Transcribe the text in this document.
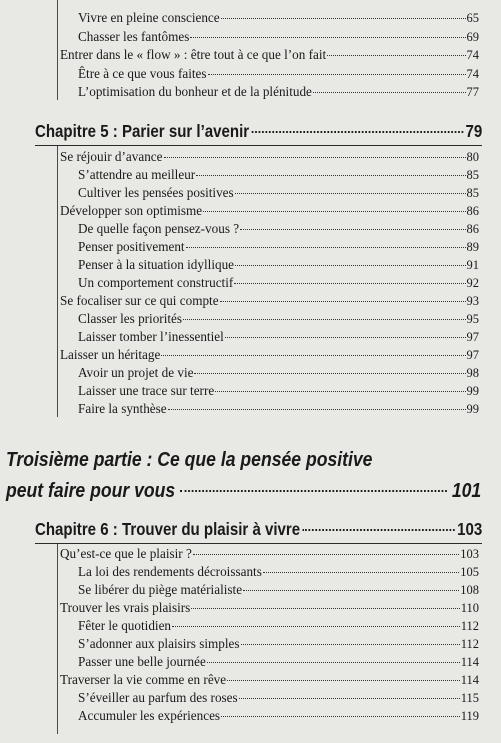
Vivre en pleine conscience	65
Chasser les fantômes	69
Entrer dans le « flow » : être tout à ce que l’on fait	74
Être à ce que vous faites	74
L’optimisation du bonheur et de la plénitude	77
Chapitre 5 : Parier sur l’avenir	79
Se réjouir d’avance	80
S’attendre au meilleur	85
Cultiver les pensées positives	85
Développer son optimisme	86
De quelle façon pensez-vous ?	86
Penser positivement	89
Penser à la situation idyllique	91
Un comportement constructif	92
Se focaliser sur ce qui compte	93
Classer les priorités	95
Laisser tomber l’inessentiel	97
Laisser un héritage	97
Avoir un projet de vie	98
Laisser une trace sur terre	99
Faire la synthèse	99
Troisième partie : Ce que la pensée positive
peut faire pour vous	101
Chapitre 6 : Trouver du plaisir à vivre	103
Qu’est-ce que le plaisir ?	103
La loi des rendements décroissants	105
Se libérer du piège matérialiste	108
Trouver les vrais plaisirs	110
Fêter le quotidien	112
S’adonner aux plaisirs simples	112
Passer une belle journée	114
Traverser la vie comme en rêve	114
S’éveiller au parfum des roses	115
Accumuler les expériences	119
